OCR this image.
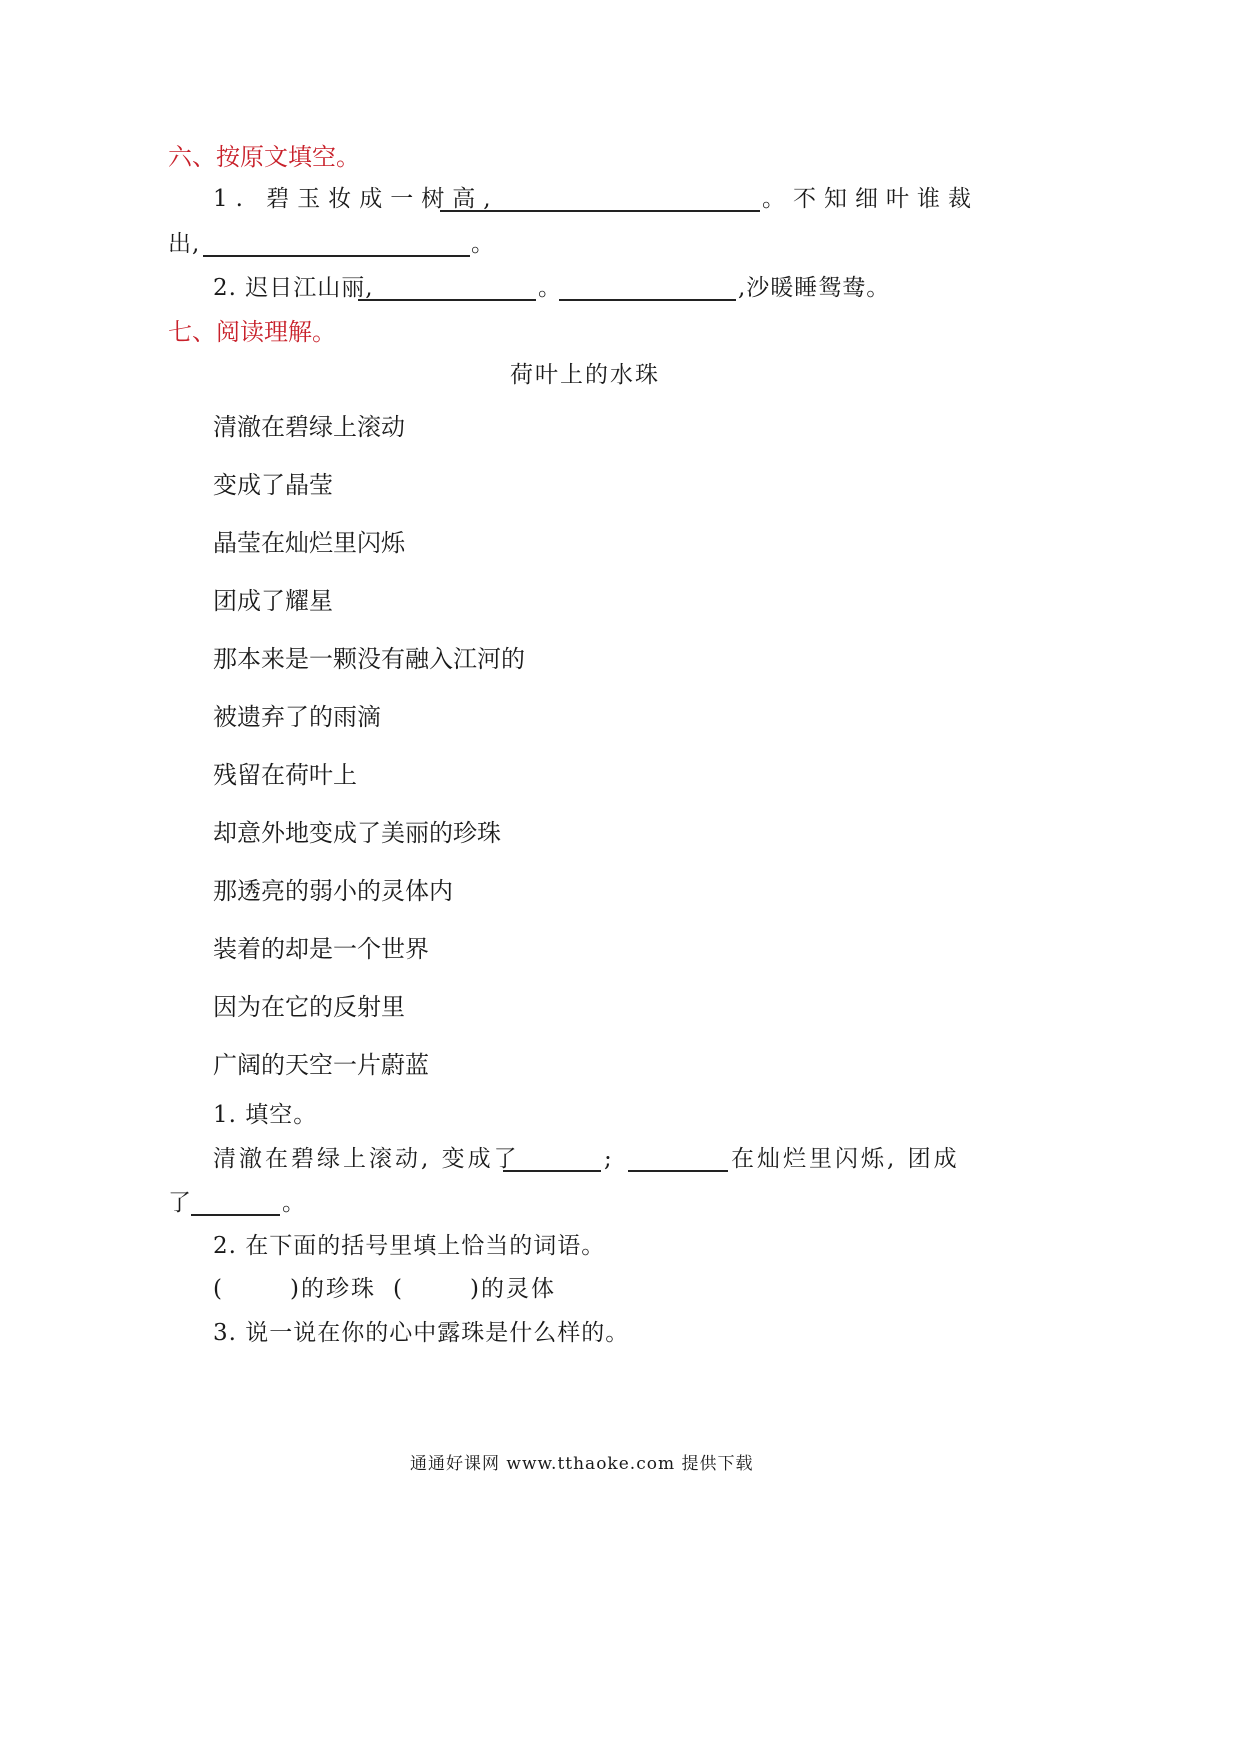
六、按原文填空。
1. 碧玉妆成一树高,	。不知细叶谁裁
出,	。
2. 迟日江山丽,	。	,沙暖睡鸳鸯。
七、阅读理解。
荷叶上的水珠
清澈在碧绿上滚动
变成了晶莹
晶莹在灿烂里闪烁
团成了耀星
那本来是一颗没有融入江河的
被遗弃了的雨滴
残留在荷叶上
却意外地变成了美丽的珍珠
那透亮的弱小的灵体内
装着的却是一个世界
因为在它的反射里
广阔的天空一片蔚蓝
1. 填空。
清澈在碧绿上滚动, 变成了	;	在灿烂里闪烁, 团成
了	。
2. 在下面的括号里填上恰当的词语。
(	)的珍珠 (	)的灵体
3. 说一说在你的心中露珠是什么样的。
通通好课网 www.tthaoke.com 提供下载
